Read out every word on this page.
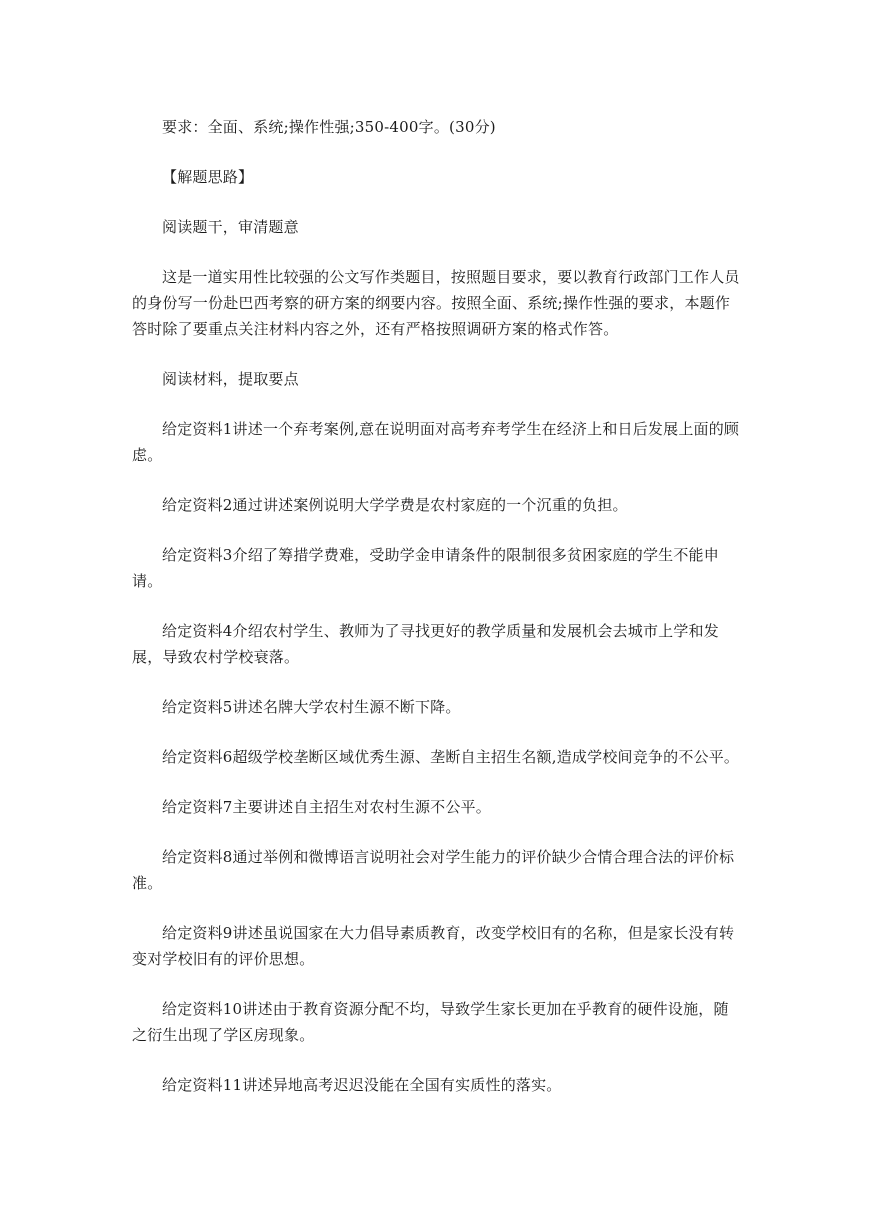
要求：全面、系统;操作性强;350-400字。(30分)

【解题思路】

阅读题干，审清题意

这是一道实用性比较强的公文写作类题目，按照题目要求，要以教育行政部门工作人员的身份写一份赴巴西考察的研方案的纲要内容。按照全面、系统;操作性强的要求，本题作答时除了要重点关注材料内容之外，还有严格按照调研方案的格式作答。

阅读材料，提取要点

给定资料1讲述一个弃考案例,意在说明面对高考弃考学生在经济上和日后发展上面的顾虑。

给定资料2通过讲述案例说明大学学费是农村家庭的一个沉重的负担。

给定资料3介绍了筹措学费难，受助学金申请条件的限制很多贫困家庭的学生不能申请。

给定资料4介绍农村学生、教师为了寻找更好的教学质量和发展机会去城市上学和发展，导致农村学校衰落。

给定资料5讲述名牌大学农村生源不断下降。

给定资料6超级学校垄断区域优秀生源、垄断自主招生名额,造成学校间竞争的不公平。

给定资料7主要讲述自主招生对农村生源不公平。

给定资料8通过举例和微博语言说明社会对学生能力的评价缺少合情合理合法的评价标准。

给定资料9讲述虽说国家在大力倡导素质教育，改变学校旧有的名称，但是家长没有转变对学校旧有的评价思想。

给定资料10讲述由于教育资源分配不均，导致学生家长更加在乎教育的硬件设施，随之衍生出现了学区房现象。

给定资料11讲述异地高考迟迟没能在全国有实质性的落实。
